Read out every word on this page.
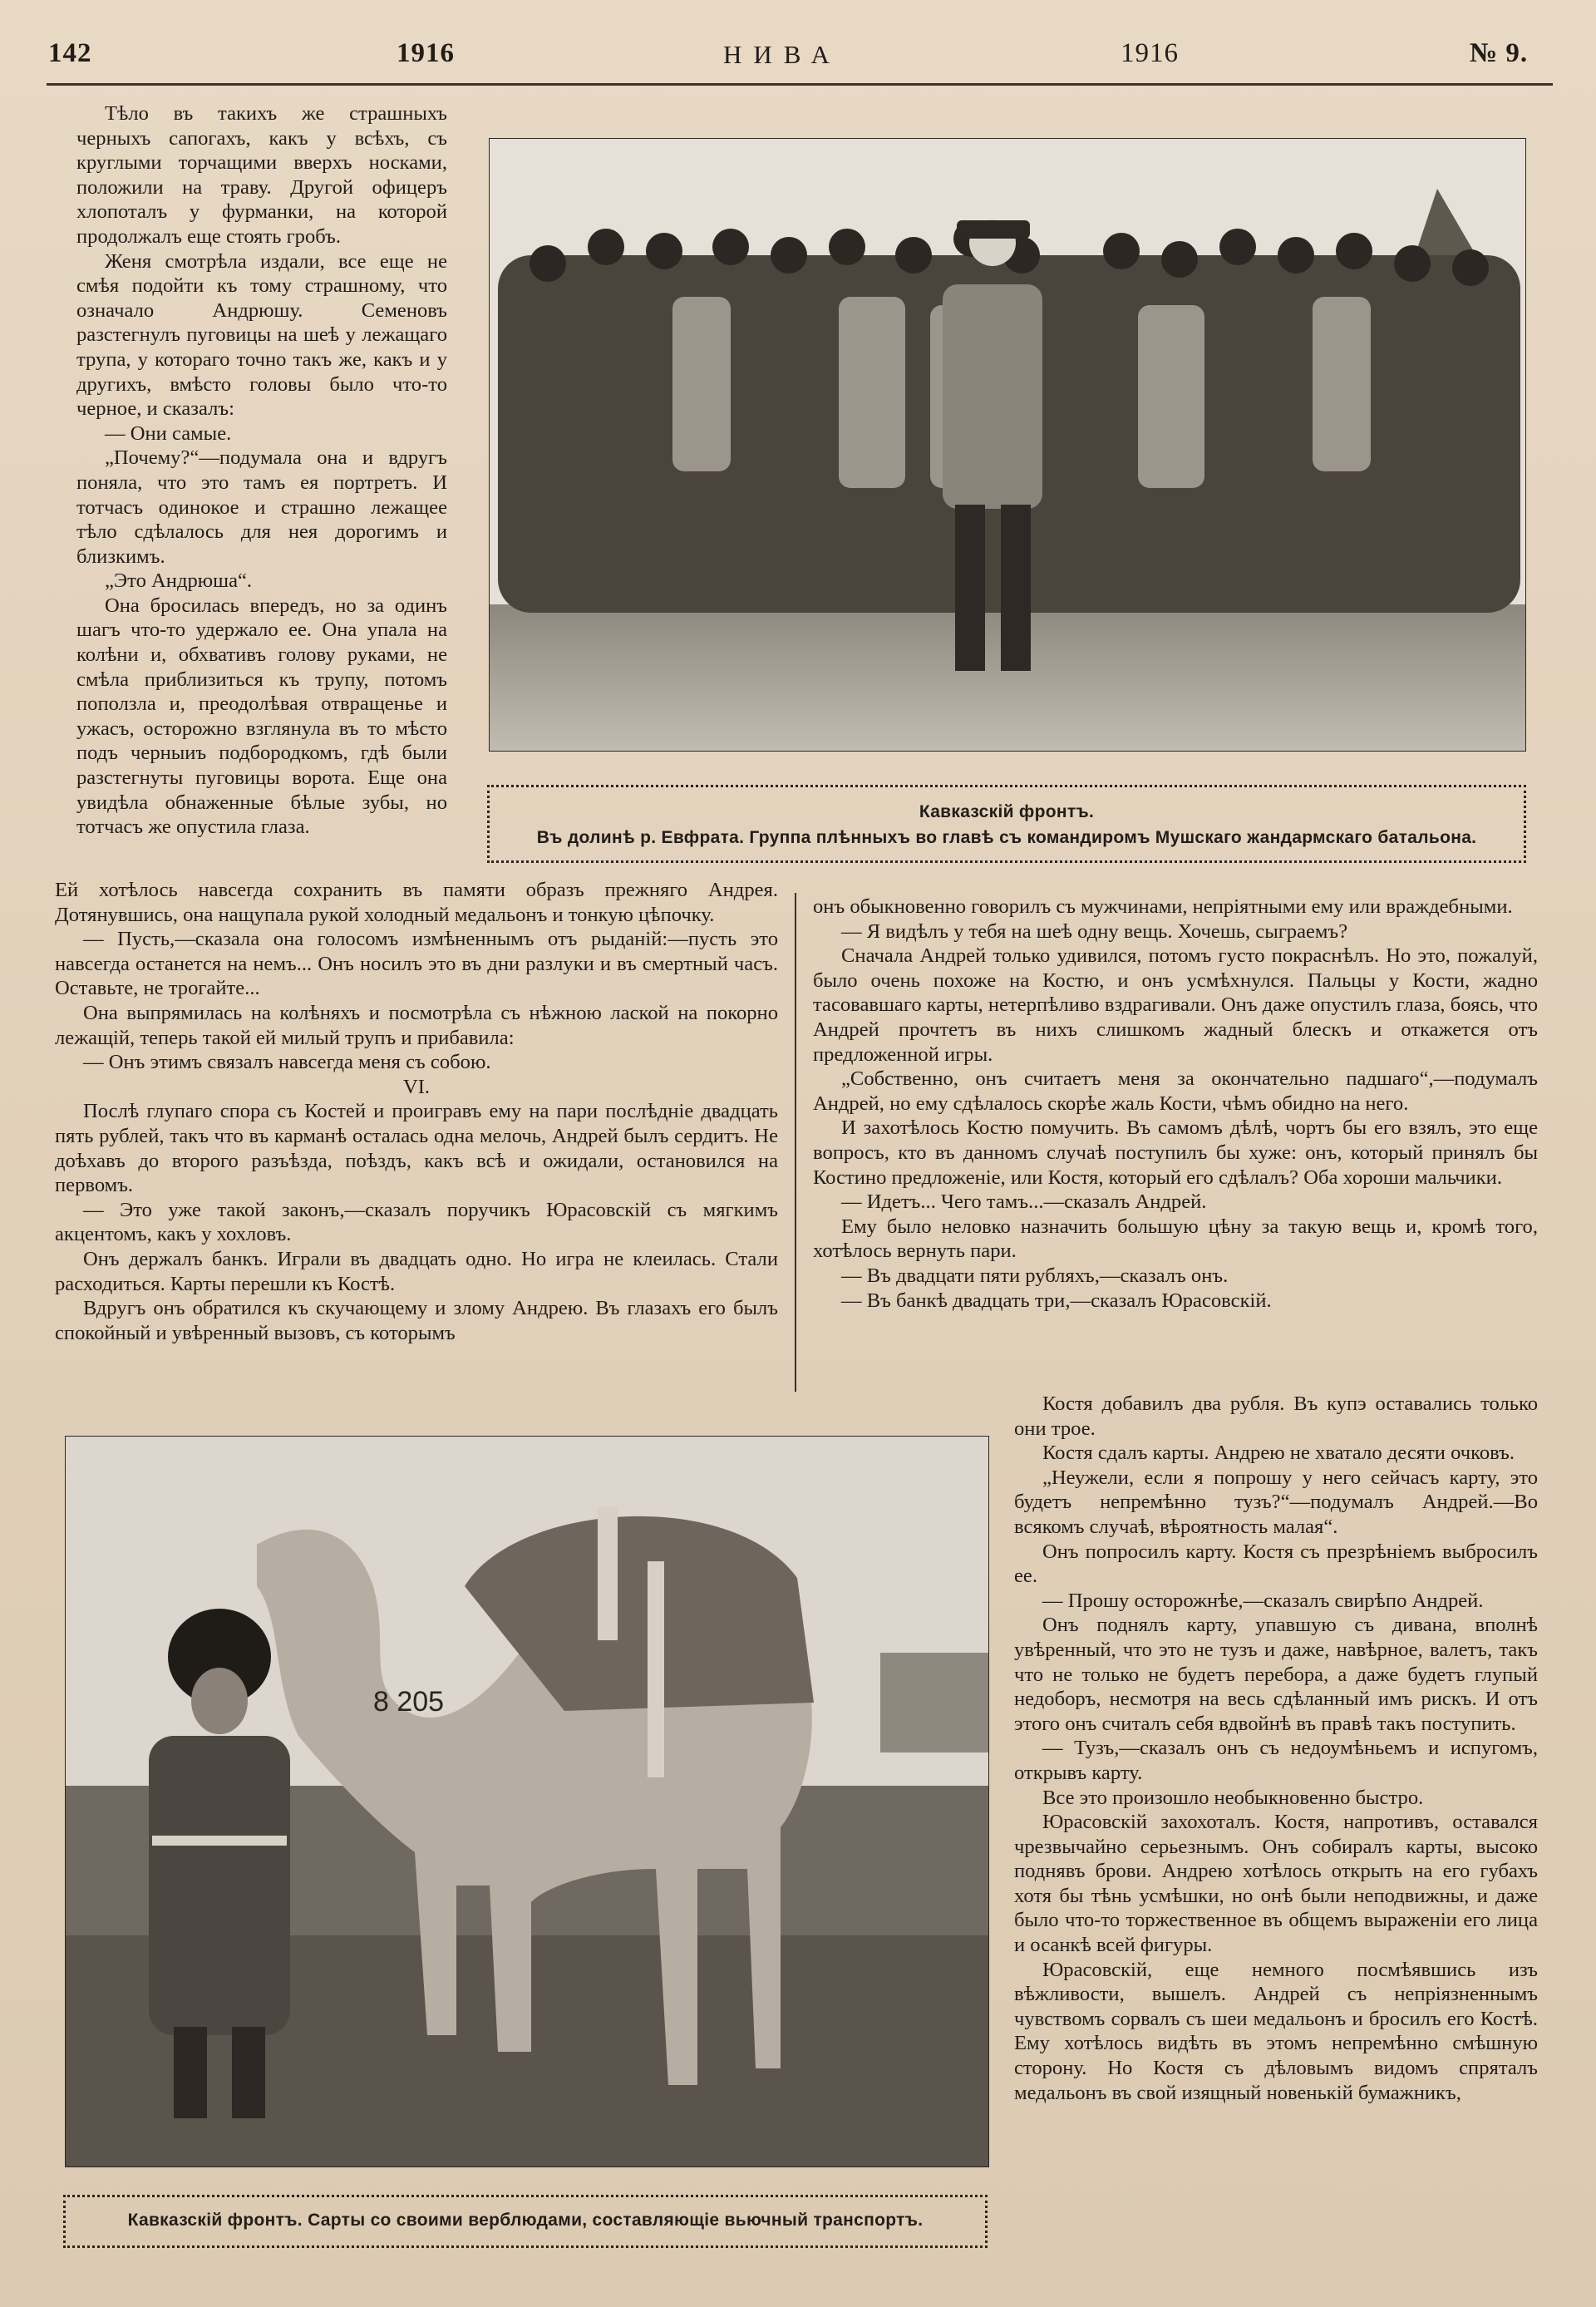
142	1916	НИВА	1916	№ 9.

Тѣло въ такихъ же страшныхъ черныхъ сапогахъ, какъ у всѣхъ, съ круглыми торчащими вверхъ носками, положили на траву. Другой офицеръ хлопоталъ у фурманки, на которой продолжалъ еще стоять гробъ.

Женя смотрѣла издали, все еще не смѣя подойти къ тому страшному, что означало Андрюшу. Семеновъ разстегнулъ пуговицы на шеѣ у лежащаго трупа, у котораго точно такъ же, какъ и у другихъ, вмѣсто головы было что-то черное, и сказалъ:

— Они самые.

„Почему?“—подумала она и вдругъ поняла, что это тамъ ея портретъ. И тотчасъ одинокое и страшно лежащее тѣло сдѣлалось для нея дорогимъ и близкимъ.

„Это Андрюша“.

Она бросилась впередъ, но за одинъ шагъ что-то удержало ее. Она упала на колѣни и, обхвативъ голову руками, не смѣла приблизиться къ трупу, потомъ поползла и, преодолѣвая отвращенье и ужасъ, осторожно взглянула въ то мѣсто подъ черныиъ подбородкомъ, гдѣ были разстегнуты пуговицы ворота. Еще она увидѣла обнаженные бѣлые зубы, но тотчасъ же опустила глаза.

Кавказскій фронтъ.
Въ долинѣ р. Евфрата. Группа плѣнныхъ во главѣ съ командиромъ Мушскаго жандармскаго батальона.

Ей хотѣлось навсегда сохранить въ памяти образъ прежняго Андрея. Дотянувшись, она нащупала рукой холодный медальонъ и тонкую цѣпочку.

— Пусть,—сказала она голосомъ измѣненнымъ отъ рыданій:—пусть это навсегда останется на немъ... Онъ носилъ это въ дни разлуки и въ смертный часъ. Оставьте, не трогайте...

Она выпрямилась на колѣняхъ и посмотрѣла съ нѣжною лаской на покорно лежащій, теперь такой ей милый трупъ и прибавила:

— Онъ этимъ связалъ навсегда меня съ собою.

VI.

Послѣ глупаго спора съ Костей и проигравъ ему на пари послѣдніе двадцать пять рублей, такъ что въ карманѣ осталась одна мелочь, Андрей былъ сердитъ. Не доѣхавъ до второго разъѣзда, поѣздъ, какъ всѣ и ожидали, остановился на первомъ.

— Это уже такой законъ,—сказалъ поручикъ Юрасовскій съ мягкимъ акцентомъ, какъ у хохловъ.

Онъ держалъ банкъ. Играли въ двадцать одно. Но игра не клеилась. Стали расходиться. Карты перешли къ Костѣ.

Вдругъ онъ обратился къ скучающему и злому Андрею. Въ глазахъ его былъ спокойный и увѣренный вызовъ, съ которымъ

онъ обыкновенно говорилъ съ мужчинами, непріятными ему или враждебными.

— Я видѣлъ у тебя на шеѣ одну вещь. Хочешь, сыграемъ?

Сначала Андрей только удивился, потомъ густо покраснѣлъ. Но это, пожалуй, было очень похоже на Костю, и онъ усмѣхнулся. Пальцы у Кости, жадно тасовавшаго карты, нетерпѣливо вздрагивали. Онъ даже опустилъ глаза, боясь, что Андрей прочтетъ въ нихъ слишкомъ жадный блескъ и откажется отъ предложенной игры.

„Собственно, онъ считаетъ меня за окончательно падшаго“,—подумалъ Андрей, но ему сдѣлалось скорѣе жаль Кости, чѣмъ обидно на него.

И захотѣлось Костю помучить. Въ самомъ дѣлѣ, чортъ бы его взялъ, это еще вопросъ, кто въ данномъ случаѣ поступилъ бы хуже: онъ, который принялъ бы Костино предложеніе, или Костя, который его сдѣлалъ? Оба хороши мальчики.

— Идетъ... Чего тамъ...—сказалъ Андрей.

Ему было неловко назначить большую цѣну за такую вещь и, кромѣ того, хотѣлось вернуть пари.

— Въ двадцати пяти рубляхъ,—сказалъ онъ.

— Въ банкѣ двадцать три,—сказалъ Юрасовскій.

8 205
Кавказскій фронтъ. Сарты со своими верблюдами, составляющіе вьючный транспортъ.

Костя добавилъ два рубля. Въ купэ оставались только они трое.

Костя сдалъ карты. Андрею не хватало десяти очковъ.

„Неужели, если я попрошу у него сейчасъ карту, это будетъ непремѣнно тузъ?“—подумалъ Андрей.—Во всякомъ случаѣ, вѣроятность малая“.

Онъ попросилъ карту. Костя съ презрѣніемъ выбросилъ ее.

— Прошу осторожнѣе,—сказалъ свирѣпо Андрей.

Онъ поднялъ карту, упавшую съ дивана, вполнѣ увѣренный, что это не тузъ и даже, навѣрное, валетъ, такъ что не только не будетъ перебора, а даже будетъ глупый недоборъ, несмотря на весь сдѣланный имъ рискъ. И отъ этого онъ считалъ себя вдвойнѣ въ правѣ такъ поступить.

— Тузъ,—сказалъ онъ съ недоумѣньемъ и испугомъ, открывъ карту.

Все это произошло необыкновенно быстро.

Юрасовскій захохоталъ. Костя, напротивъ, оставался чрезвычайно серьезнымъ. Онъ собиралъ карты, высоко поднявъ брови. Андрею хотѣлось открыть на его губахъ хотя бы тѣнь усмѣшки, но онѣ были неподвижны, и даже было что-то торжественное въ общемъ выраженіи его лица и осанкѣ всей фигуры.

Юрасовскій, еще немного посмѣявшись изъ вѣжливости, вышелъ. Андрей съ непріязненнымъ чувствомъ сорвалъ съ шеи медальонъ и бросилъ его Костѣ. Ему хотѣлось видѣть въ этомъ непремѣнно смѣшную сторону. Но Костя съ дѣловымъ видомъ спряталъ медальонъ въ свой изящный новенькій бумажникъ,
